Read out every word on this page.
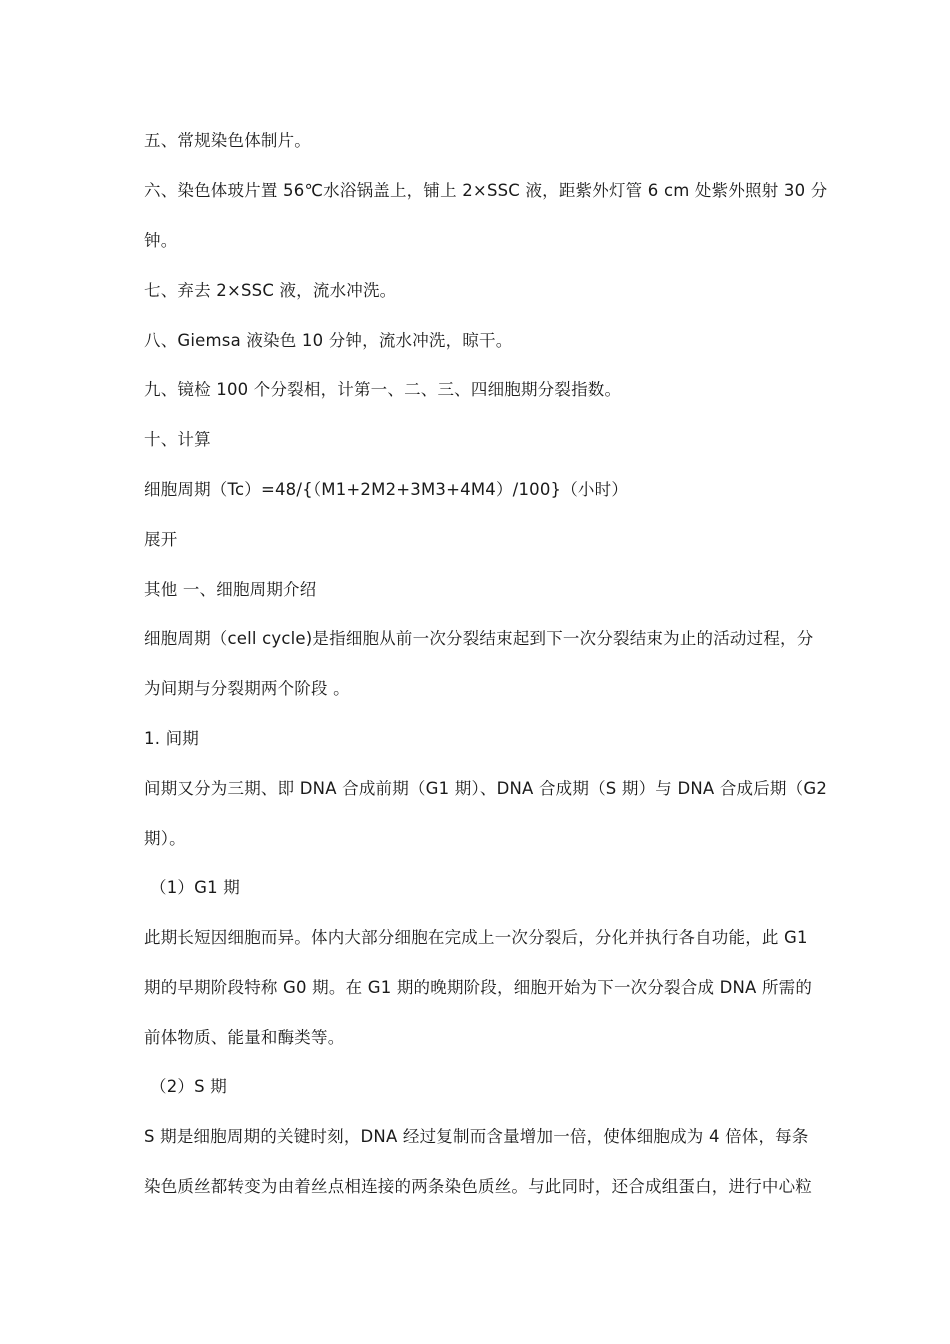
五、常规染色体制片。
六、染色体玻片置 56℃水浴锅盖上，铺上 2×SSC 液，距紫外灯管 6 cm 处紫外照射 30 分
钟。
七、弃去 2×SSC 液，流水冲洗。
八、Giemsa 液染色 10 分钟，流水冲洗，晾干。
九、镜检 100 个分裂相，计第一、二、三、四细胞期分裂指数。
十、计算
细胞周期（Tc）=48/{（M1+2M2+3M3+4M4）/100}（小时）
展开
其他 一、细胞周期介绍
细胞周期（cell cycle)是指细胞从前一次分裂结束起到下一次分裂结束为止的活动过程，分
为间期与分裂期两个阶段 。
1. 间期
间期又分为三期、即 DNA 合成前期（G1 期）、DNA 合成期（S 期）与 DNA 合成后期（G2
期）。
（1）G1 期
此期长短因细胞而异。体内大部分细胞在完成上一次分裂后，分化并执行各自功能，此 G1
期的早期阶段特称 G0 期。在 G1 期的晚期阶段，细胞开始为下一次分裂合成 DNA 所需的
前体物质、能量和酶类等。
（2）S 期
S 期是细胞周期的关键时刻，DNA 经过复制而含量增加一倍，使体细胞成为 4 倍体，每条
染色质丝都转变为由着丝点相连接的两条染色质丝。与此同时，还合成组蛋白，进行中心粒
